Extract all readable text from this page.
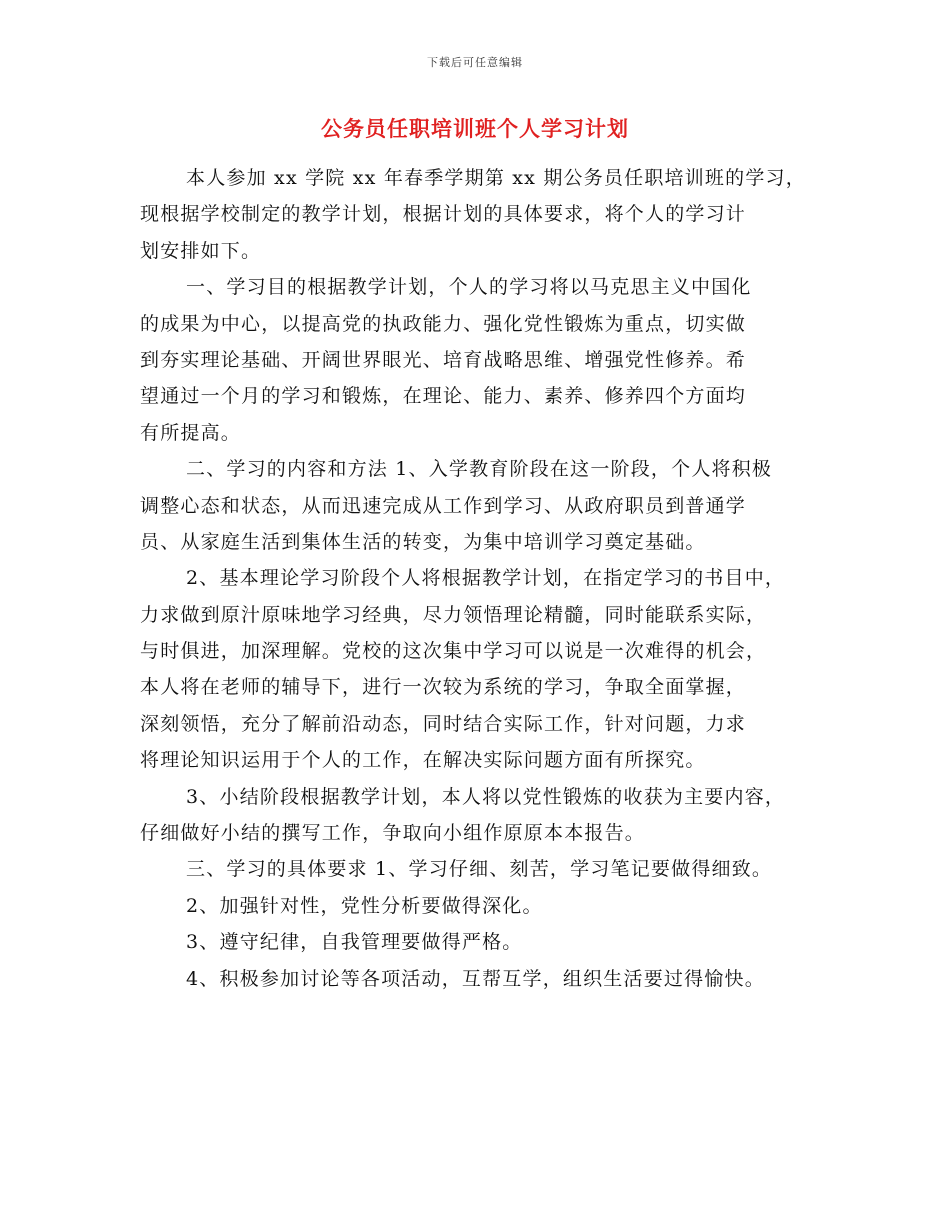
下载后可任意编辑
公务员任职培训班个人学习计划
本人参加 xx 学院 xx 年春季学期第 xx 期公务员任职培训班的学习，
现根据学校制定的教学计划，根据计划的具体要求，将个人的学习计
划安排如下。
一、学习目的根据教学计划，个人的学习将以马克思主义中国化
的成果为中心，以提高党的执政能力、强化党性锻炼为重点，切实做
到夯实理论基础、开阔世界眼光、培育战略思维、增强党性修养。希
望通过一个月的学习和锻炼，在理论、能力、素养、修养四个方面均
有所提高。
二、学习的内容和方法 1、入学教育阶段在这一阶段，个人将积极
调整心态和状态，从而迅速完成从工作到学习、从政府职员到普通学
员、从家庭生活到集体生活的转变，为集中培训学习奠定基础。
2、基本理论学习阶段个人将根据教学计划，在指定学习的书目中，
力求做到原汁原味地学习经典，尽力领悟理论精髓，同时能联系实际，
与时俱进，加深理解。党校的这次集中学习可以说是一次难得的机会，
本人将在老师的辅导下，进行一次较为系统的学习，争取全面掌握，
深刻领悟，充分了解前沿动态，同时结合实际工作，针对问题，力求
将理论知识运用于个人的工作，在解决实际问题方面有所探究。
3、小结阶段根据教学计划，本人将以党性锻炼的收获为主要内容，
仔细做好小结的撰写工作，争取向小组作原原本本报告。
三、学习的具体要求 1、学习仔细、刻苦，学习笔记要做得细致。
2、加强针对性，党性分析要做得深化。
3、遵守纪律，自我管理要做得严格。
4、积极参加讨论等各项活动，互帮互学，组织生活要过得愉快。
